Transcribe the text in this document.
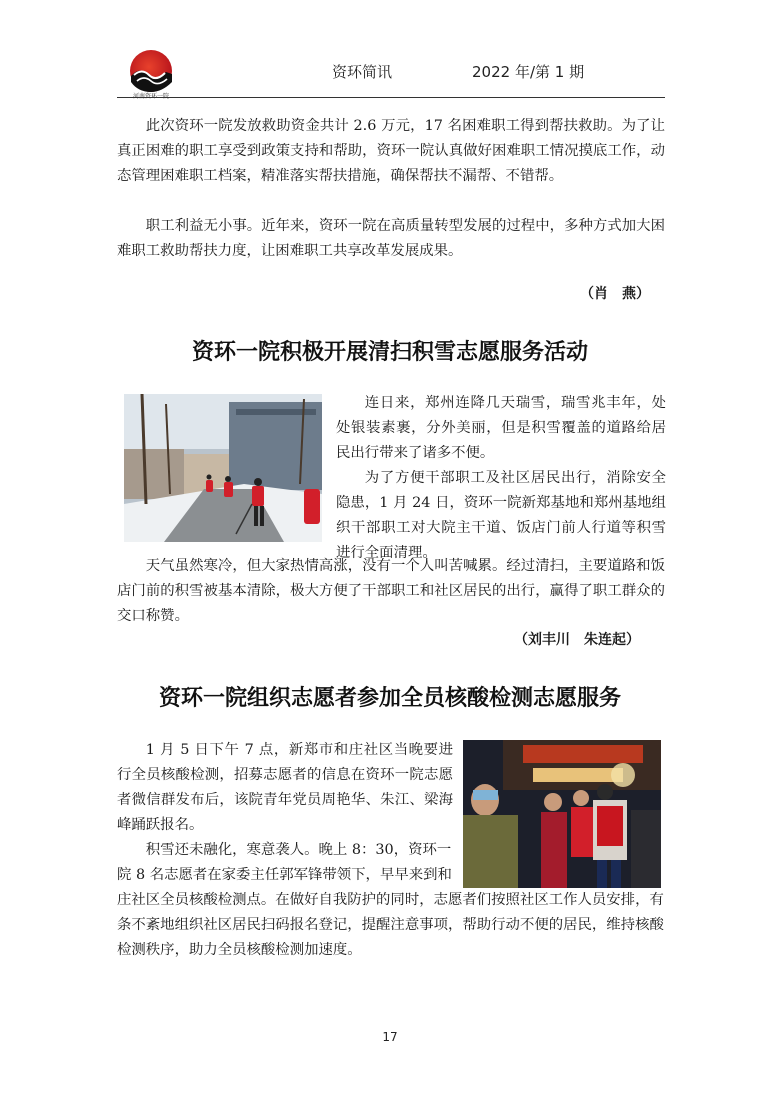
资环简讯	2022 年/第 1 期

此次资环一院发放救助资金共计 2.6 万元，17 名困难职工得到帮扶救助。为了让真正困难的职工享受到政策支持和帮助，资环一院认真做好困难职工情况摸底工作，动态管理困难职工档案，精准落实帮扶措施，确保帮扶不漏帮、不错帮。

职工利益无小事。近年来，资环一院在高质量转型发展的过程中，多种方式加大困难职工救助帮扶力度，让困难职工共享改革发展成果。

（肖　燕）
资环一院积极开展清扫积雪志愿服务活动

连日来，郑州连降几天瑞雪，瑞雪兆丰年，处处银装素裹，分外美丽，但是积雪覆盖的道路给居民出行带来了诸多不便。

为了方便干部职工及社区居民出行，消除安全隐患，1 月 24 日，资环一院新郑基地和郑州基地组织干部职工对大院主干道、饭店门前人行道等积雪进行全面清理。

天气虽然寒冷，但大家热情高涨，没有一个人叫苦喊累。经过清扫，主要道路和饭店门前的积雪被基本清除，极大方便了干部职工和社区居民的出行，赢得了职工群众的交口称赞。

（刘丰川　朱连起）
资环一院组织志愿者参加全员核酸检测志愿服务

1 月 5 日下午 7 点，新郑市和庄社区当晚要进行全员核酸检测，招募志愿者的信息在资环一院志愿者微信群发布后，该院青年党员周艳华、朱江、梁海峰踊跃报名。

积雪还未融化，寒意袭人。晚上 8：30，资环一
院 8 名志愿者在家委主任郭军锋带领下，早早来到和
庄社区全员核酸检测点。在做好自我防护的同时，志愿者们按照社区工作人员安排，有
条不紊地组织社区居民扫码报名登记，提醒注意事项，帮助行动不便的居民，维持核酸
检测秩序，助力全员核酸检测加速度。

17
